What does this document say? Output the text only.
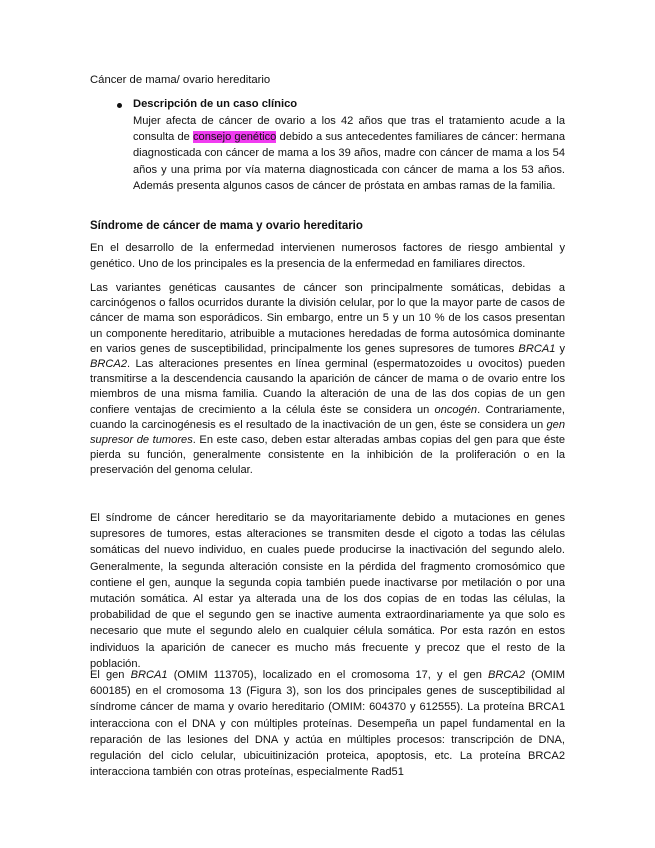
Cáncer de mama/ ovario hereditario
Descripción de un caso clínico
Mujer afecta de cáncer de ovario a los 42 años que tras el tratamiento acude a la consulta de consejo genético debido a sus antecedentes familiares de cáncer: hermana diagnosticada con cáncer de mama a los 39 años, madre con cáncer de mama a los 54 años y una prima por vía materna diagnosticada con cáncer de mama a los 53 años. Además presenta algunos casos de cáncer de próstata en ambas ramas de la familia.
Síndrome de cáncer de mama y ovario hereditario
En el desarrollo de la enfermedad intervienen numerosos factores de riesgo ambiental y genético. Uno de los principales es la presencia de la enfermedad en familiares directos.
Las variantes genéticas causantes de cáncer son principalmente somáticas, debidas a carcinógenos o fallos ocurridos durante la división celular, por lo que la mayor parte de casos de cáncer de mama son esporádicos. Sin embargo, entre un 5 y un 10 % de los casos presentan un componente hereditario, atribuible a mutaciones heredadas de forma autosómica dominante en varios genes de susceptibilidad, principalmente los genes supresores de tumores BRCA1 y BRCA2. Las alteraciones presentes en línea germinal (espermatozoides u ovocitos) pueden transmitirse a la descendencia causando la aparición de cáncer de mama o de ovario entre los miembros de una misma familia. Cuando la alteración de una de las dos copias de un gen confiere ventajas de crecimiento a la célula éste se considera un oncogén. Contrariamente, cuando la carcinogénesis es el resultado de la inactivación de un gen, éste se considera un gen supresor de tumores. En este caso, deben estar alteradas ambas copias del gen para que éste pierda su función, generalmente consistente en la inhibición de la proliferación o en la preservación del genoma celular.
El síndrome de cáncer hereditario se da mayoritariamente debido a mutaciones en genes supresores de tumores, estas alteraciones se transmiten desde el cigoto a todas las células somáticas del nuevo individuo, en cuales puede producirse la inactivación del segundo alelo. Generalmente, la segunda alteración consiste en la pérdida del fragmento cromosómico que contiene el gen, aunque la segunda copia también puede inactivarse por metilación o por una mutación somática. Al estar ya alterada una de los dos copias de en todas las células, la probabilidad de que el segundo gen se inactive aumenta extraordinariamente ya que solo es necesario que mute el segundo alelo en cualquier célula somática. Por esta razón en estos individuos la aparición de canecer es mucho más frecuente y precoz que el resto de la población.
El gen BRCA1 (OMIM 113705), localizado en el cromosoma 17, y el gen BRCA2 (OMIM 600185) en el cromosoma 13 (Figura 3), son los dos principales genes de susceptibilidad al síndrome cáncer de mama y ovario hereditario (OMIM: 604370 y 612555). La proteína BRCA1 interacciona con el DNA y con múltiples proteínas. Desempeña un papel fundamental en la reparación de las lesiones del DNA y actúa en múltiples procesos: transcripción de DNA, regulación del ciclo celular, ubicuitinización proteica, apoptosis, etc. La proteína BRCA2 interacciona también con otras proteínas, especialmente Rad51
